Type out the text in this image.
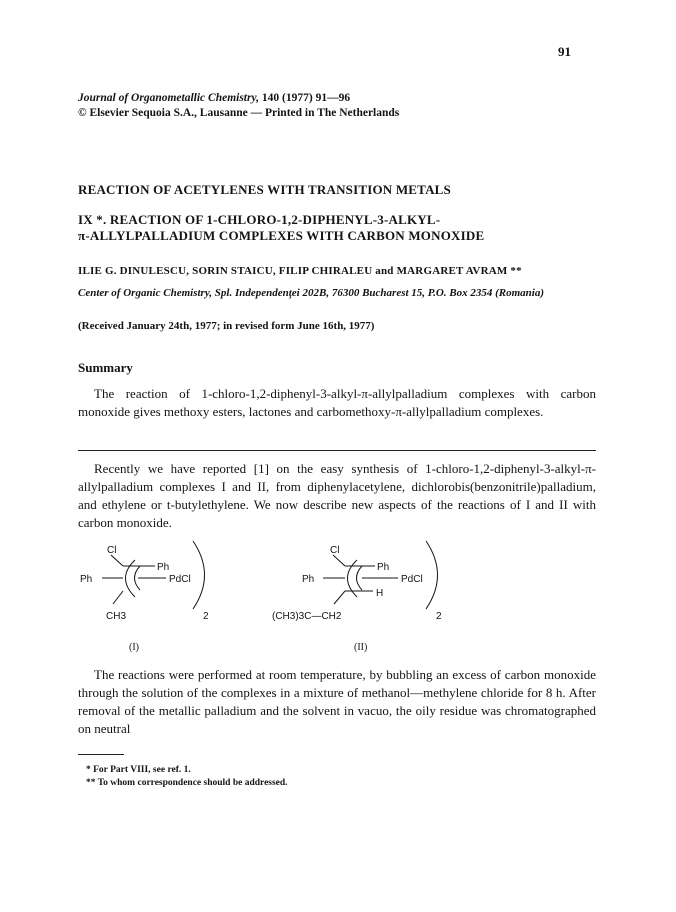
91
Journal of Organometallic Chemistry, 140 (1977) 91—96
© Elsevier Sequoia S.A., Lausanne — Printed in The Netherlands
REACTION OF ACETYLENES WITH TRANSITION METALS
IX *. REACTION OF 1-CHLORO-1,2-DIPHENYL-3-ALKYL-
π-ALLYLPALLADIUM COMPLEXES WITH CARBON MONOXIDE
ILIE G. DINULESCU, SORIN STAICU, FILIP CHIRALEU and MARGARET AVRAM **
Center of Organic Chemistry, Spl. Independenţei 202B, 76300 Bucharest 15, P.O. Box 2354 (Romania)
(Received January 24th, 1977; in revised form June 16th, 1977)
Summary
The reaction of 1-chloro-1,2-diphenyl-3-alkyl-π-allylpalladium complexes with carbon monoxide gives methoxy esters, lactones and carbomethoxy-π-allylpalladium complexes.
Recently we have reported [1] on the easy synthesis of 1-chloro-1,2-diphenyl-3-alkyl-π-allylpalladium complexes I and II, from diphenylacetylene, dichlorobis(benzonitrile)palladium, and ethylene or t-butylethylene. We now describe new aspects of the reactions of I and II with carbon monoxide.
Cl
Ph
Ph	PdCl
CH3	2
(I)
Cl
Ph
Ph	PdCl
H
(CH3)3C—CH2	2
(II)
The reactions were performed at room temperature, by bubbling an excess of carbon monoxide through the solution of the complexes in a mixture of methanol—methylene chloride for 8 h. After removal of the metallic palladium and the solvent in vacuo, the oily residue was chromatographed on neutral
* For Part VIII, see ref. 1.
** To whom correspondence should be addressed.
